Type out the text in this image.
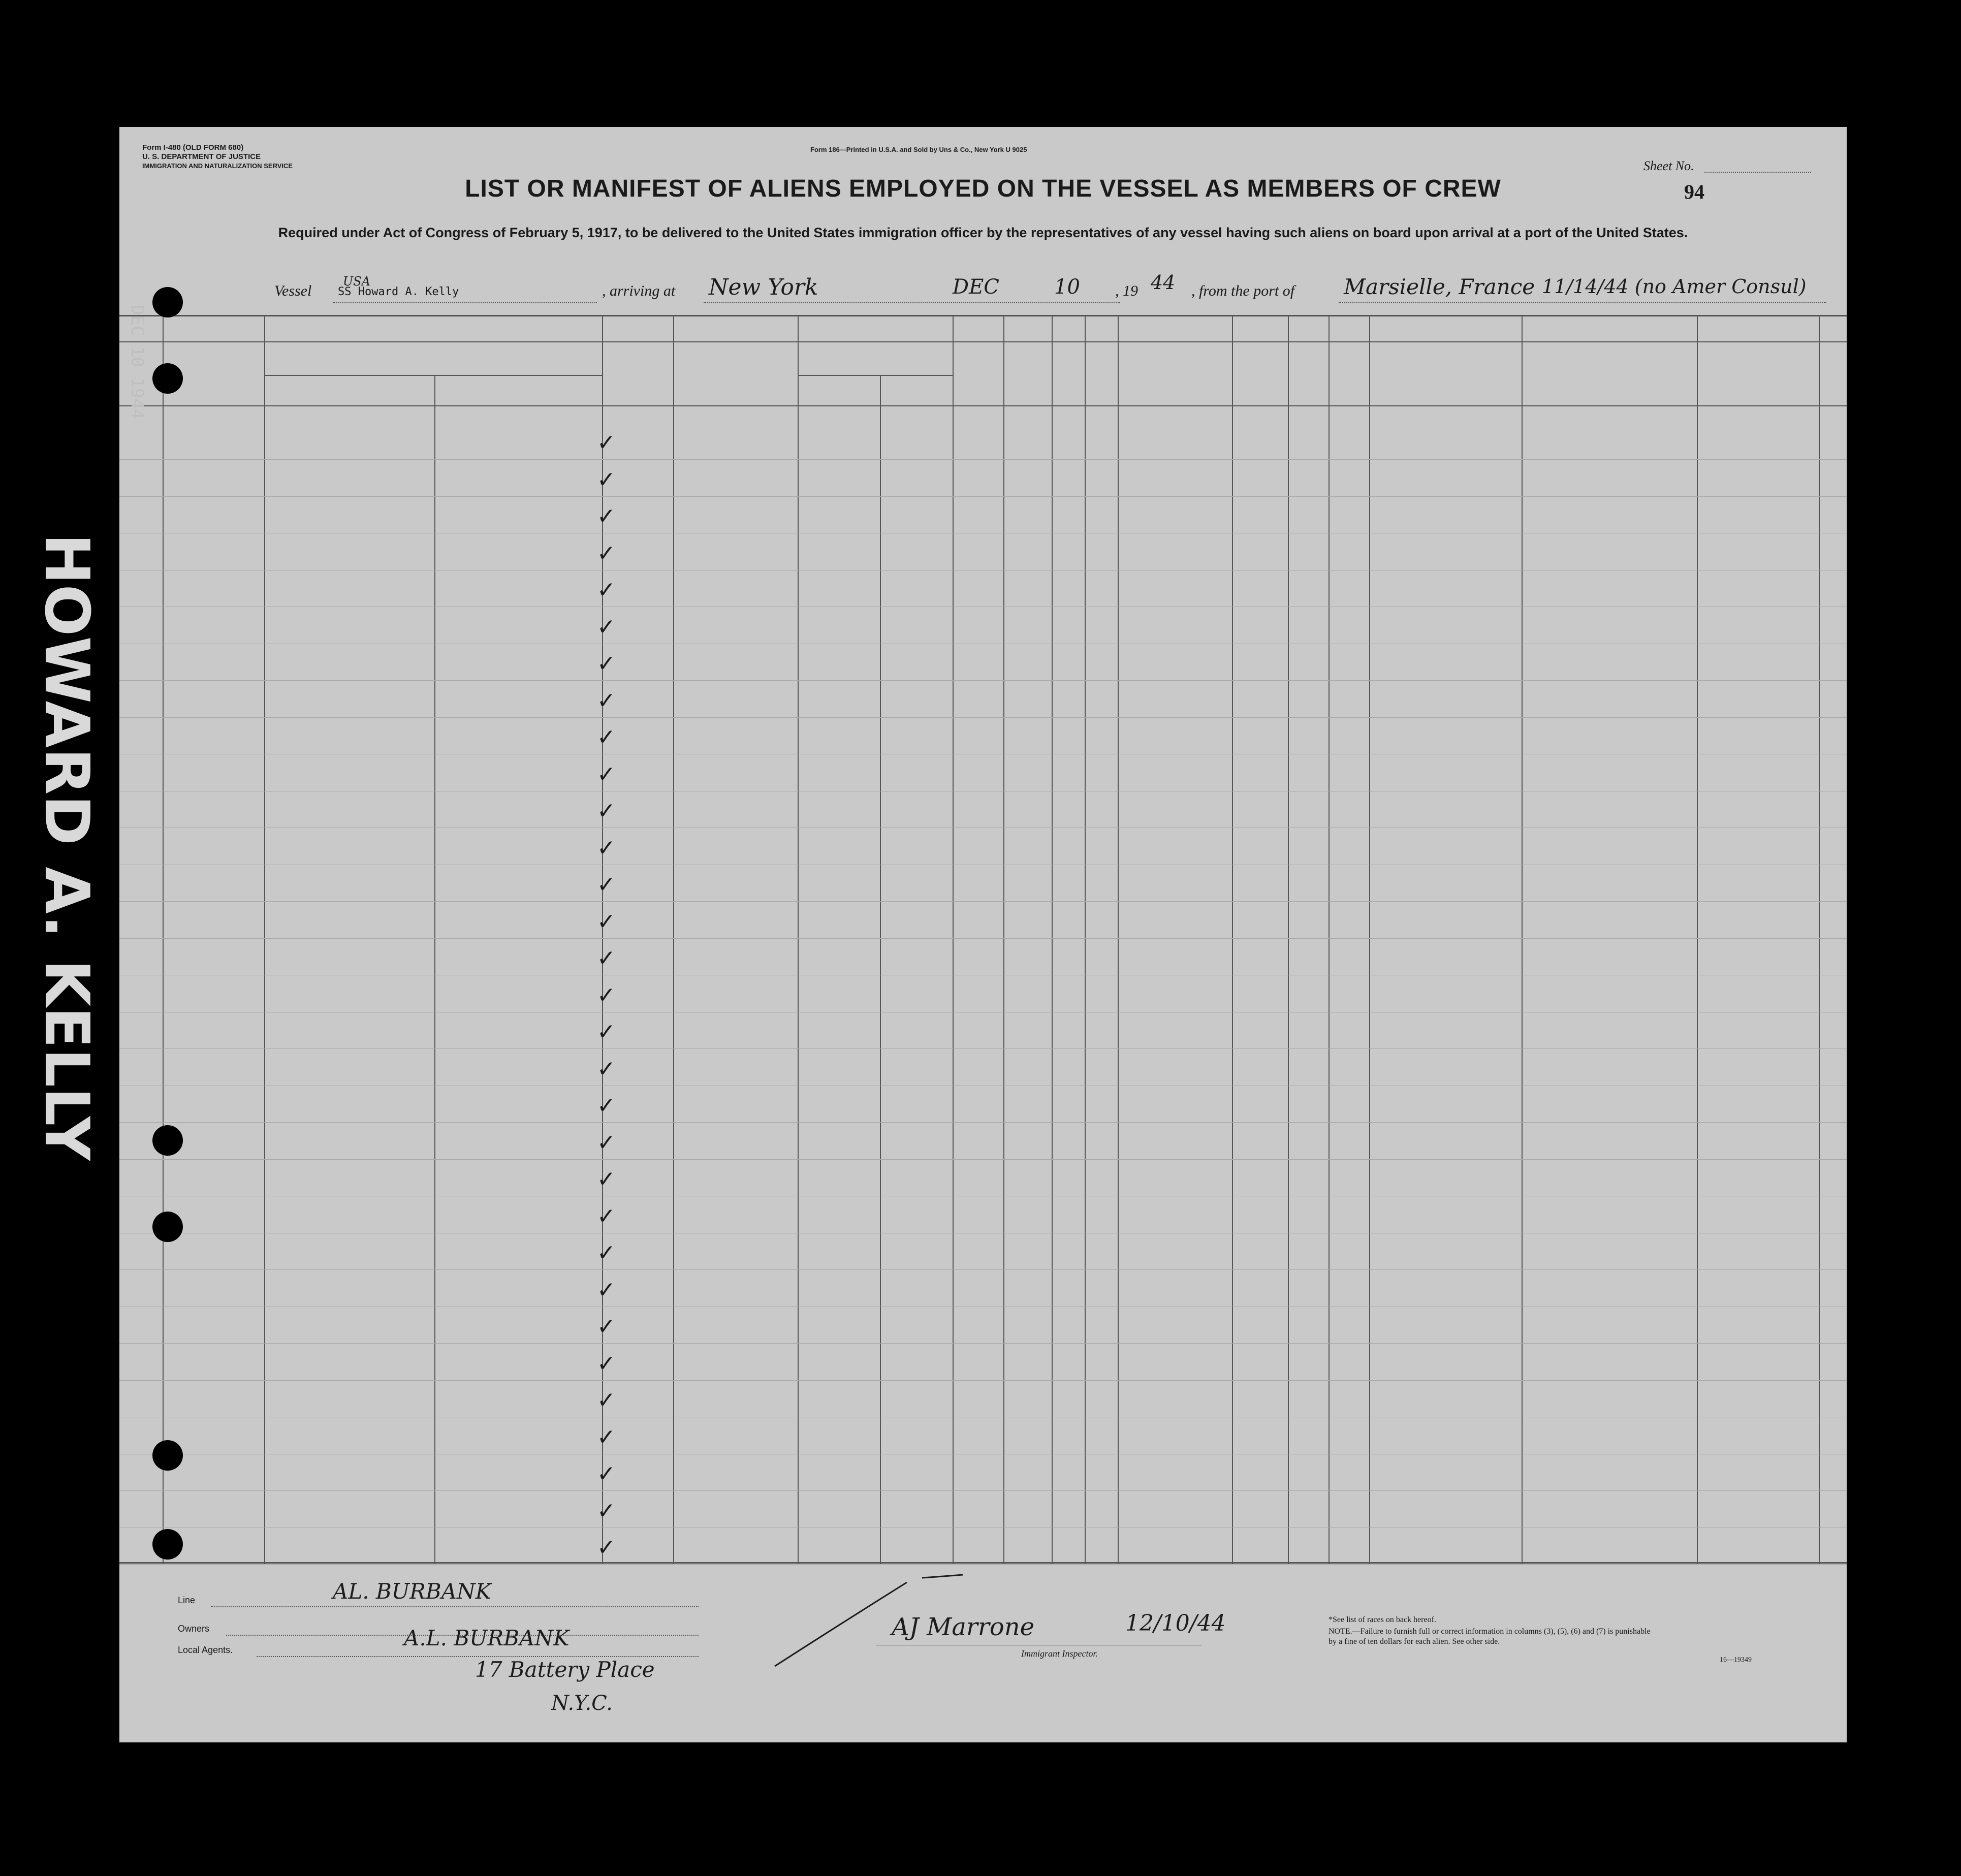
Form I-480 (OLD FORM 680)
U. S. DEPARTMENT OF JUSTICE
IMMIGRATION AND NATURALIZATION SERVICE
Form 186—Printed in U.S.A. and Sold by Uns & Co., New York U 9025
Sheet No.
94
LIST OR MANIFEST OF ALIENS EMPLOYED ON THE VESSEL AS MEMBERS OF CREW
Required under Act of Congress of February 5, 1917, to be delivered to the United States immigration officer by the representatives of any vessel having such aliens on board upon arrival at a port of the United States.
Vessel
USA
SS Howard A. Kelly	, arriving at New York	DEC	10 , 19 44 , from the port of Marsielle, France 11/14/44 (no Amer Consul)
✓
✓
✓
✓
✓
✓
✓
✓
✓
✓
✓
✓
✓
✓
✓
✓
✓
✓
✓
✓
✓
✓
✓
✓
✓
✓
✓
✓
✓
✓
✓
Line	AL. BURBANK
Owners
Local Agents.	A.L. BURBANK
17 Battery Place
N.Y.C.
AJ Marrone	12/10/44
Immigrant Inspector.
*See list of races on back hereof.
NOTE.—Failure to furnish full or correct information in columns (3), (5), (6) and (7) is punishable by a fine of ten dollars for each alien. See other side.
16—19349
HOWARD A. KELLY
DEC 10 1944
